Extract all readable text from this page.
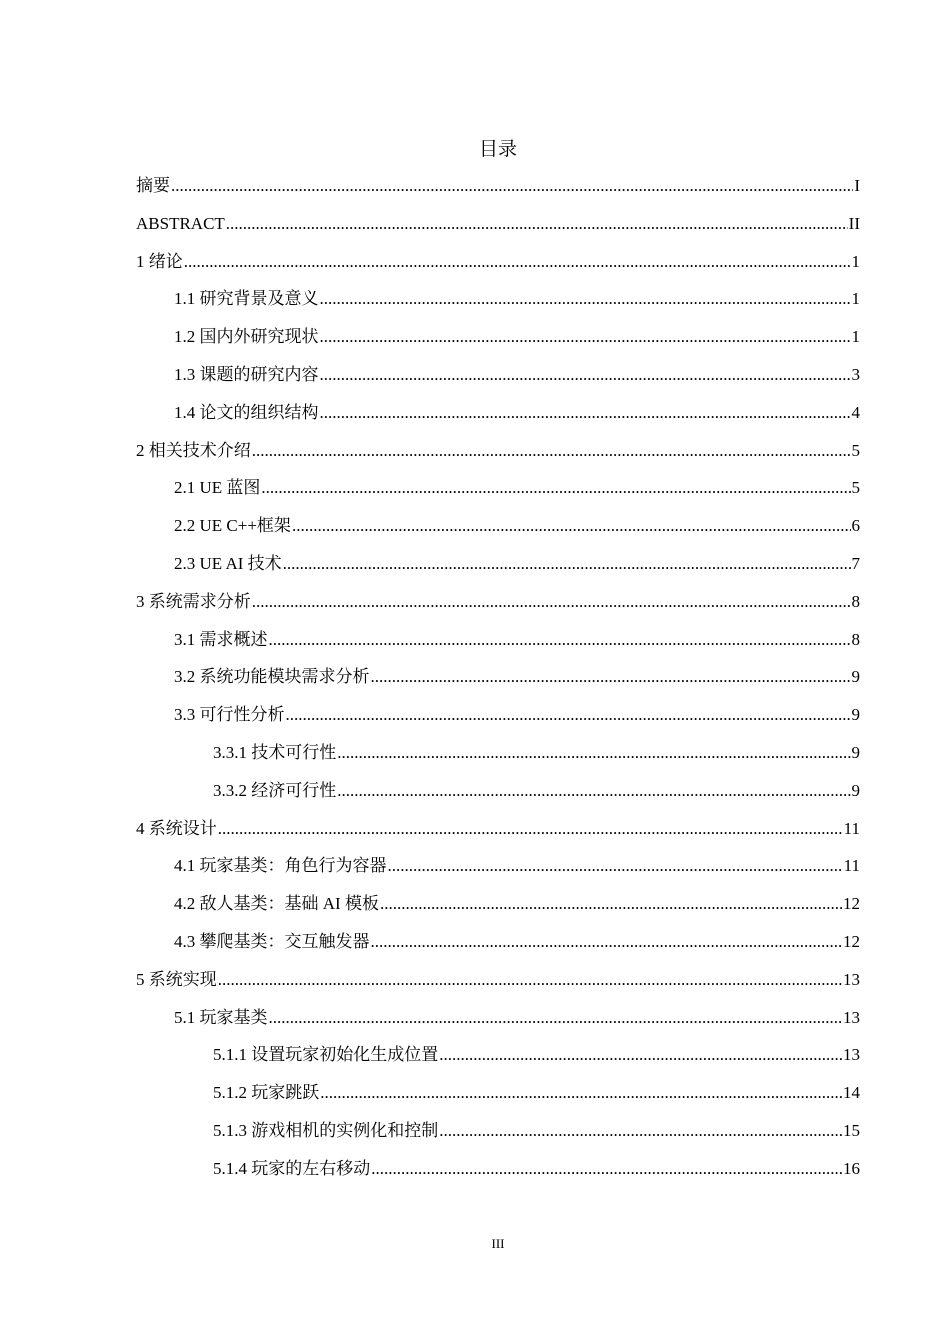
目录
摘要 .....	I
ABSTRACT .....	II
1 绪论 .....	1
1.1 研究背景及意义 .....	1
1.2 国内外研究现状 .....	1
1.3 课题的研究内容 .....	3
1.4 论文的组织结构 .....	4
2 相关技术介绍 .....	5
2.1 UE 蓝图 .....	5
2.2 UE C++框架 .....	6
2.3 UE AI 技术 .....	7
3 系统需求分析 .....	8
3.1 需求概述 .....	8
3.2 系统功能模块需求分析 .....	9
3.3 可行性分析 .....	9
3.3.1 技术可行性 .....	9
3.3.2 经济可行性 .....	9
4 系统设计 .....	11
4.1 玩家基类：角色行为容器 .....	11
4.2 敌人基类：基础 AI 模板 .....	12
4.3 攀爬基类：交互触发器 .....	12
5 系统实现 .....	13
5.1 玩家基类 .....	13
5.1.1 设置玩家初始化生成位置 .....	13
5.1.2 玩家跳跃 .....	14
5.1.3 游戏相机的实例化和控制 .....	15
5.1.4 玩家的左右移动 .....	16
III
